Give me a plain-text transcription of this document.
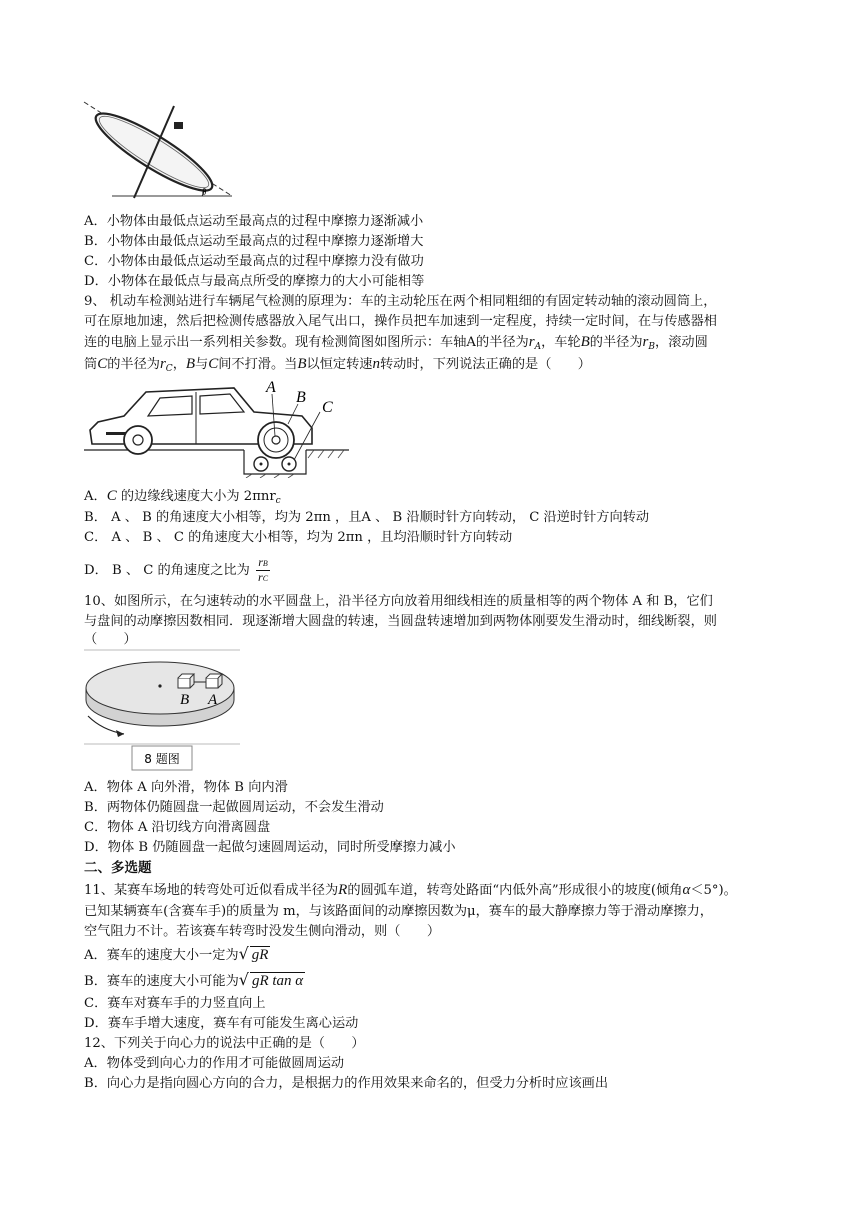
θ
A．小物体由最低点运动至最高点的过程中摩擦力逐渐减小
B．小物体由最低点运动至最高点的过程中摩擦力逐渐增大
C．小物体由最低点运动至最高点的过程中摩擦力没有做功
D．小物体在最低点与最高点所受的摩擦力的大小可能相等
9、 机动车检测站进行车辆尾气检测的原理为：车的主动轮压在两个相同粗细的有固定转动轴的滚动圆筒上，
可在原地加速，然后把检测传感器放入尾气出口，操作员把车加速到一定程度，持续一定时间，在与传感器相
连的电脑上显示出一系列相关参数。现有检测简图如图所示：车轴A的半径为$r_A$，车轮B的半径为$r_B$，滚动圆
筒C的半径为$r_C$，B与C间不打滑。当B以恒定转速n转动时，下列说法正确的是（　　）
A
B
C
A．C 的边缘线速度大小为 2πnr$_c$
B． A 、 B 的角速度大小相等，均为 2πn ，且A 、 B 沿顺时针方向转动， C 沿逆时针方向转动
C． A 、 B 、 C 的角速度大小相等，均为 2πn ，且均沿顺时针方向转动
D． B 、 C 的角速度之比为 $\frac{rB}{rC}$
10、如图所示，在匀速转动的水平圆盘上，沿半径方向放着用细线相连的质量相等的两个物体 A 和 B，它们
与盘间的动摩擦因数相同．现逐渐增大圆盘的转速，当圆盘转速增加到两物体刚要发生滑动时，细线断裂，则
（　　）
B A
8 题图
A．物体 A 向外滑，物体 B 向内滑
B．两物体仍随圆盘一起做圆周运动，不会发生滑动
C．物体 A 沿切线方向滑离圆盘
D．物体 B 仍随圆盘一起做匀速圆周运动，同时所受摩擦力减小
二、多选题
11、某赛车场地的转弯处可近似看成半径为R的圆弧车道，转弯处路面“内低外高”形成很小的坡度(倾角α＜5°)。
已知某辆赛车(含赛车手)的质量为 m，与该路面间的动摩擦因数为μ，赛车的最大静摩擦力等于滑动摩擦力，
空气阻力不计。若该赛车转弯时没发生侧向滑动，则（　　）
A．赛车的速度大小一定为√ gR
B．赛车的速度大小可能为√ gR tan α
C．赛车对赛车手的力竖直向上
D．赛车手增大速度，赛车有可能发生离心运动
12、下列关于向心力的说法中正确的是（　　）
A．物体受到向心力的作用才可能做圆周运动
B．向心力是指向圆心方向的合力，是根据力的作用效果来命名的，但受力分析时应该画出
